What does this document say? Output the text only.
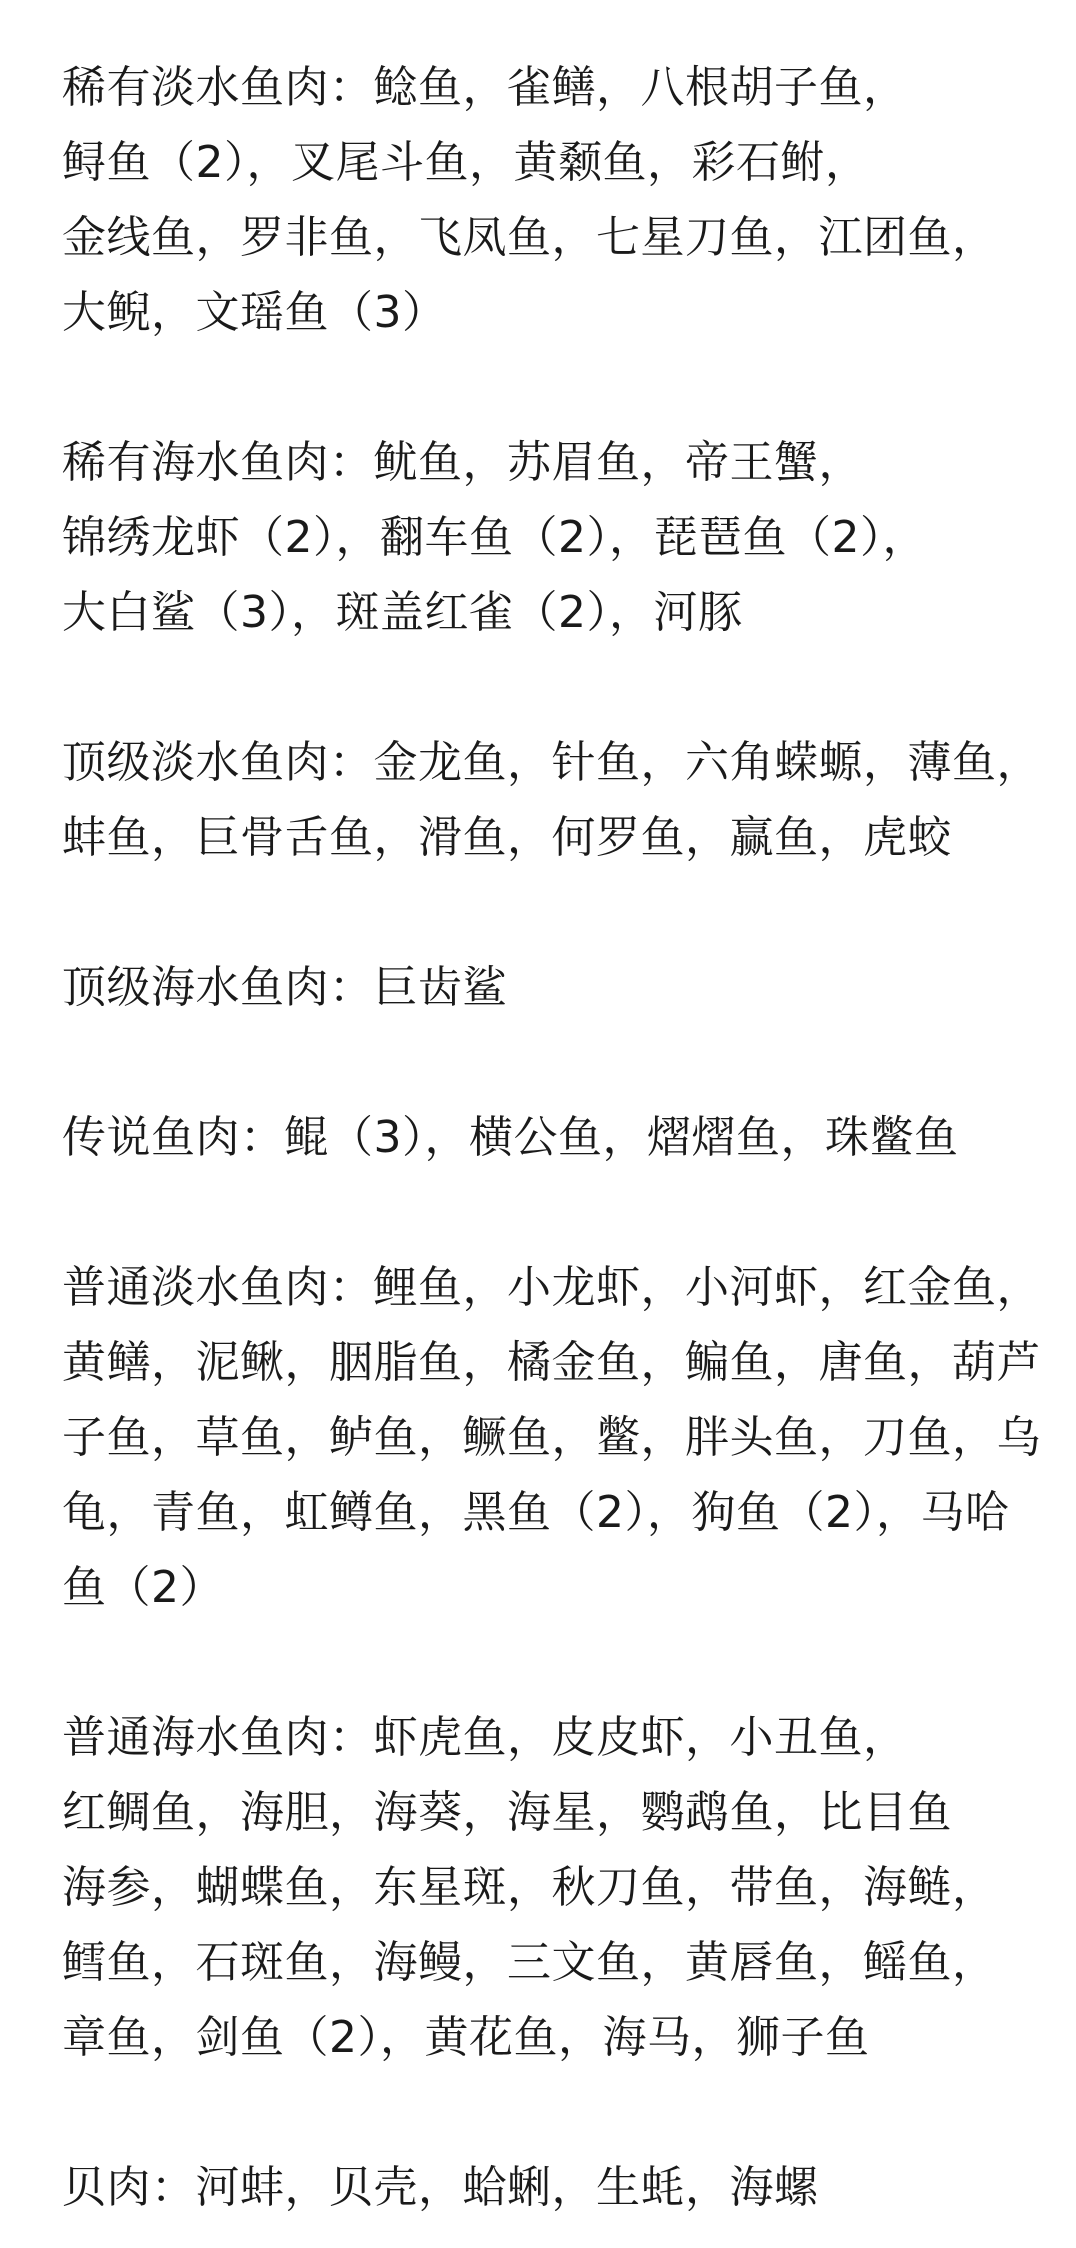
稀有淡水鱼肉：鲶鱼，雀鳝，八根胡子鱼，
鲟鱼（2），叉尾斗鱼，黄颡鱼，彩石鲋，
金线鱼，罗非鱼，飞凤鱼，七星刀鱼，江团鱼，
大鲵，文瑶鱼（3）
稀有海水鱼肉：鱿鱼，苏眉鱼，帝王蟹，
锦绣龙虾（2），翻车鱼（2），琵琶鱼（2），
大白鲨（3），斑盖红雀（2），河豚
顶级淡水鱼肉：金龙鱼，针鱼，六角蝾螈，薄鱼，
蚌鱼，巨骨舌鱼，滑鱼，何罗鱼，赢鱼，虎蛟
顶级海水鱼肉：巨齿鲨
传说鱼肉：鲲（3），横公鱼，熠熠鱼，珠鳖鱼
普通淡水鱼肉：鲤鱼，小龙虾，小河虾，红金鱼，
黄鳝，泥鳅，胭脂鱼，橘金鱼，鳊鱼，唐鱼，葫芦
子鱼，草鱼，鲈鱼，鳜鱼，鳖，胖头鱼，刀鱼，乌
龟，青鱼，虹鳟鱼，黑鱼（2），狗鱼（2），马哈
鱼（2）
普通海水鱼肉：虾虎鱼，皮皮虾，小丑鱼，
红鲷鱼，海胆，海葵，海星，鹦鹉鱼，比目鱼
海参，蝴蝶鱼，东星斑，秋刀鱼，带鱼，海鲢，
鳕鱼，石斑鱼，海鳗，三文鱼，黄唇鱼，鳐鱼，
章鱼，剑鱼（2），黄花鱼，海马，狮子鱼
贝肉：河蚌，贝壳，蛤蜊，生蚝，海螺
